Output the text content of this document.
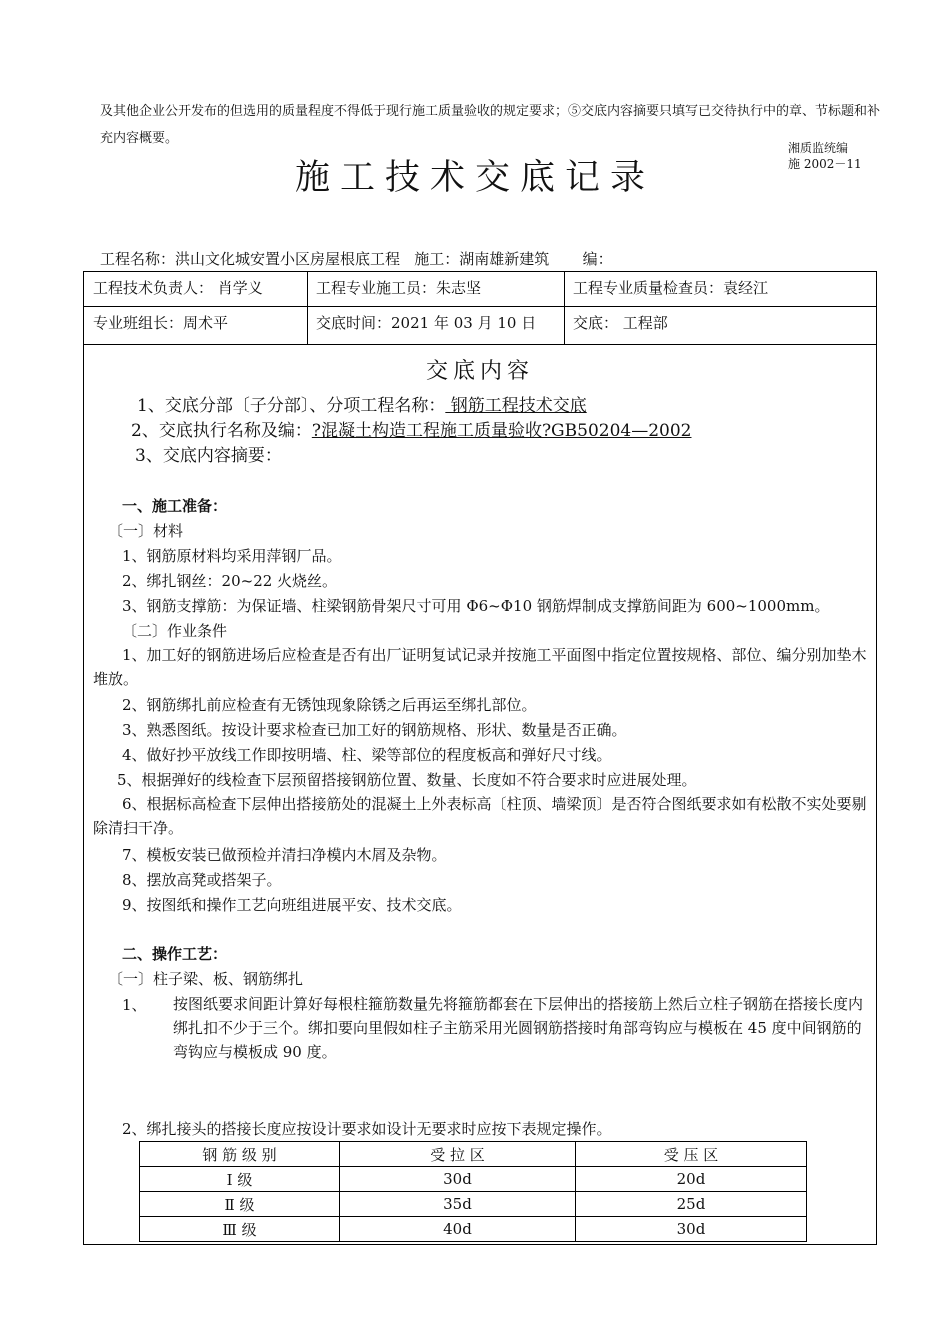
及其他企业公开发布的但选用的质量程度不得低于现行施工质量验收的规定要求；⑤交底内容摘要只填写已交待执行中的章、节标题和补充内容概要。
湘质监统编
施 2002－11
施工技术交底记录
工程名称：洪山文化城安置小区房屋根底工程   施工：湖南雄新建筑       编：
工程技术负责人： 肖学义	工程专业施工员：朱志坚	工程专业质量检查员：袁经江
专业班组长：周术平	交底时间：2021 年 03 月 10 日 交底： 工程部
交底内容
1、交底分部〔子分部〕、分项工程名称： 钢筋工程技术交底
2、交底执行名称及编：?混凝土构造工程施工质量验收?GB50204—2002
3、交底内容摘要：
一、施工准备：
〔一〕材料
1、钢筋原材料均采用萍钢厂品。
2、绑扎钢丝：20~22 火烧丝。
3、钢筋支撑筋：为保证墙、柱梁钢筋骨架尺寸可用 Φ6~Φ10 钢筋焊制成支撑筋间距为 600~1000mm。
〔二〕作业条件
1、加工好的钢筋进场后应检查是否有出厂证明复试记录并按施工平面图中指定位置按规格、部位、编分别加垫木堆放。
2、钢筋绑扎前应检查有无锈蚀现象除锈之后再运至绑扎部位。
3、熟悉图纸。按设计要求检查已加工好的钢筋规格、形状、数量是否正确。
4、做好抄平放线工作即按明墙、柱、梁等部位的程度板高和弹好尺寸线。
5、根据弹好的线检查下层预留搭接钢筋位置、数量、长度如不符合要求时应进展处理。
6、根据标高检查下层伸出搭接筋处的混凝土上外表标高〔柱顶、墙梁顶〕是否符合图纸要求如有松散不实处要剔除清扫干净。
7、模板安装已做预检并清扫净模内木屑及杂物。
8、摆放高凳或搭架子。
9、按图纸和操作工艺向班组进展平安、技术交底。
二、操作工艺：
〔一〕柱子梁、板、钢筋绑扎
1、 按图纸要求间距计算好每根柱箍筋数量先将箍筋都套在下层伸出的搭接筋上然后立柱子钢筋在搭接长度内绑扎扣不少于三个。绑扣要向里假如柱子主筋采用光圆钢筋搭接时角部弯钩应与模板在 45 度中间钢筋的弯钩应与模板成 90 度。
2、绑扎接头的搭接长度应按设计要求如设计无要求时应按下表规定操作。
钢 筋 级 别	受 拉 区	受 压 区
Ⅰ 级	30d	20d
Ⅱ 级	35d	25d
Ⅲ 级	40d	30d
